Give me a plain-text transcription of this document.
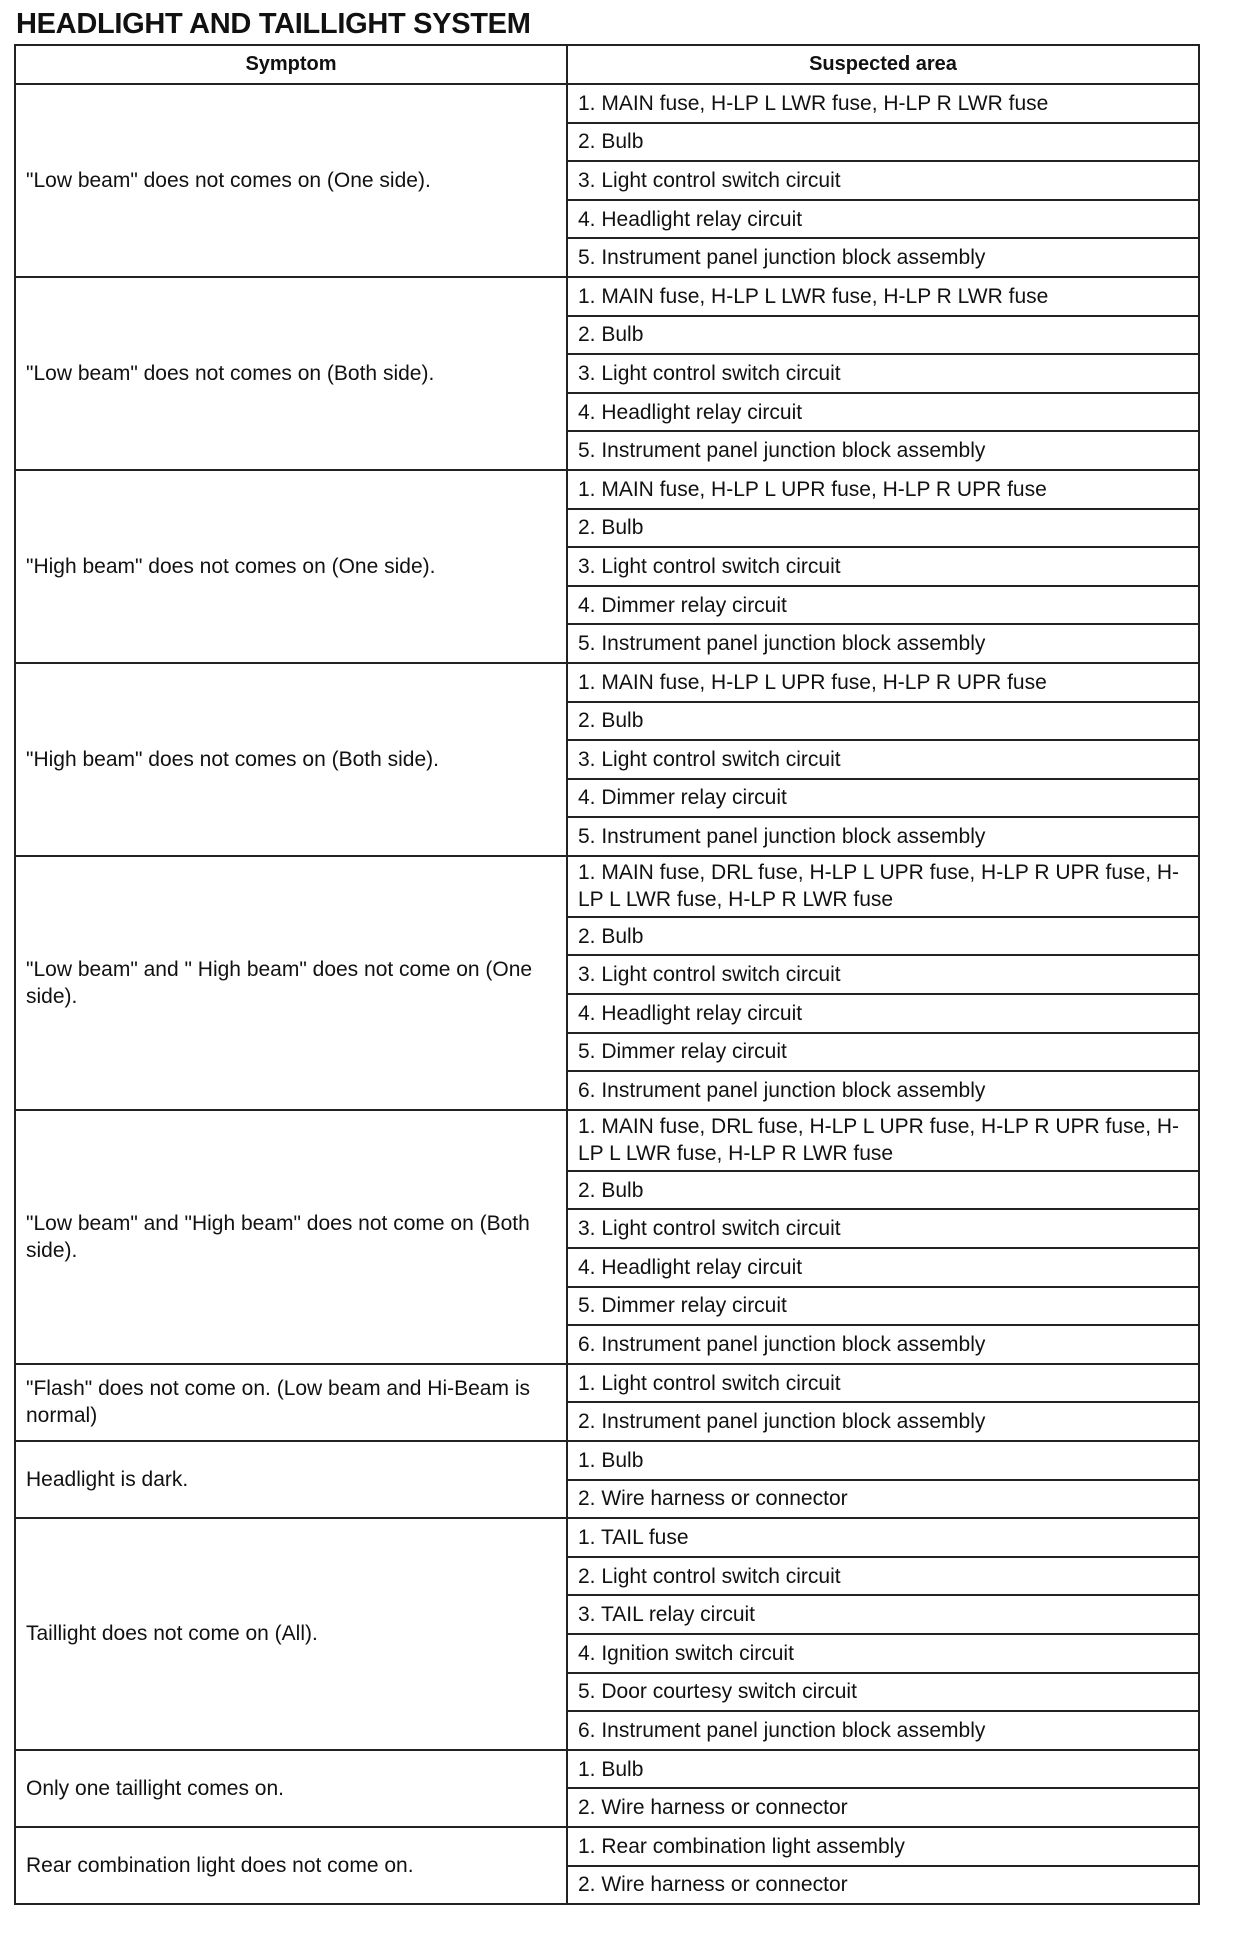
HEADLIGHT AND TAILLIGHT SYSTEM
Symptom	Suspected area
"Low beam" does not comes on (One side).	1. MAIN fuse, H-LP L LWR fuse, H-LP R LWR fuse
	2. Bulb
	3. Light control switch circuit
	4. Headlight relay circuit
	5. Instrument panel junction block assembly
"Low beam" does not comes on (Both side).	1. MAIN fuse, H-LP L LWR fuse, H-LP R LWR fuse
	2. Bulb
	3. Light control switch circuit
	4. Headlight relay circuit
	5. Instrument panel junction block assembly
"High beam" does not comes on (One side).	1. MAIN fuse, H-LP L UPR fuse, H-LP R UPR fuse
	2. Bulb
	3. Light control switch circuit
	4. Dimmer relay circuit
	5. Instrument panel junction block assembly
"High beam" does not comes on (Both side).	1. MAIN fuse, H-LP L UPR fuse, H-LP R UPR fuse
	2. Bulb
	3. Light control switch circuit
	4. Dimmer relay circuit
	5. Instrument panel junction block assembly
"Low beam" and " High beam" does not come on (One side).	1. MAIN fuse, DRL fuse, H-LP L UPR fuse, H-LP R UPR fuse, H-LP L LWR fuse, H-LP R LWR fuse
	2. Bulb
	3. Light control switch circuit
	4. Headlight relay circuit
	5. Dimmer relay circuit
	6. Instrument panel junction block assembly
"Low beam" and "High beam" does not come on (Both side).	1. MAIN fuse, DRL fuse, H-LP L UPR fuse, H-LP R UPR fuse, H-LP L LWR fuse, H-LP R LWR fuse
	2. Bulb
	3. Light control switch circuit
	4. Headlight relay circuit
	5. Dimmer relay circuit
	6. Instrument panel junction block assembly
"Flash" does not come on. (Low beam and Hi-Beam is normal)	1. Light control switch circuit
	2. Instrument panel junction block assembly
Headlight is dark.	1. Bulb
	2. Wire harness or connector
Taillight does not come on (All).	1. TAIL fuse
	2. Light control switch circuit
	3. TAIL relay circuit
	4. Ignition switch circuit
	5. Door courtesy switch circuit
	6. Instrument panel junction block assembly
Only one taillight comes on.	1. Bulb
	2. Wire harness or connector
Rear combination light does not come on.	1. Rear combination light assembly
	2. Wire harness or connector
